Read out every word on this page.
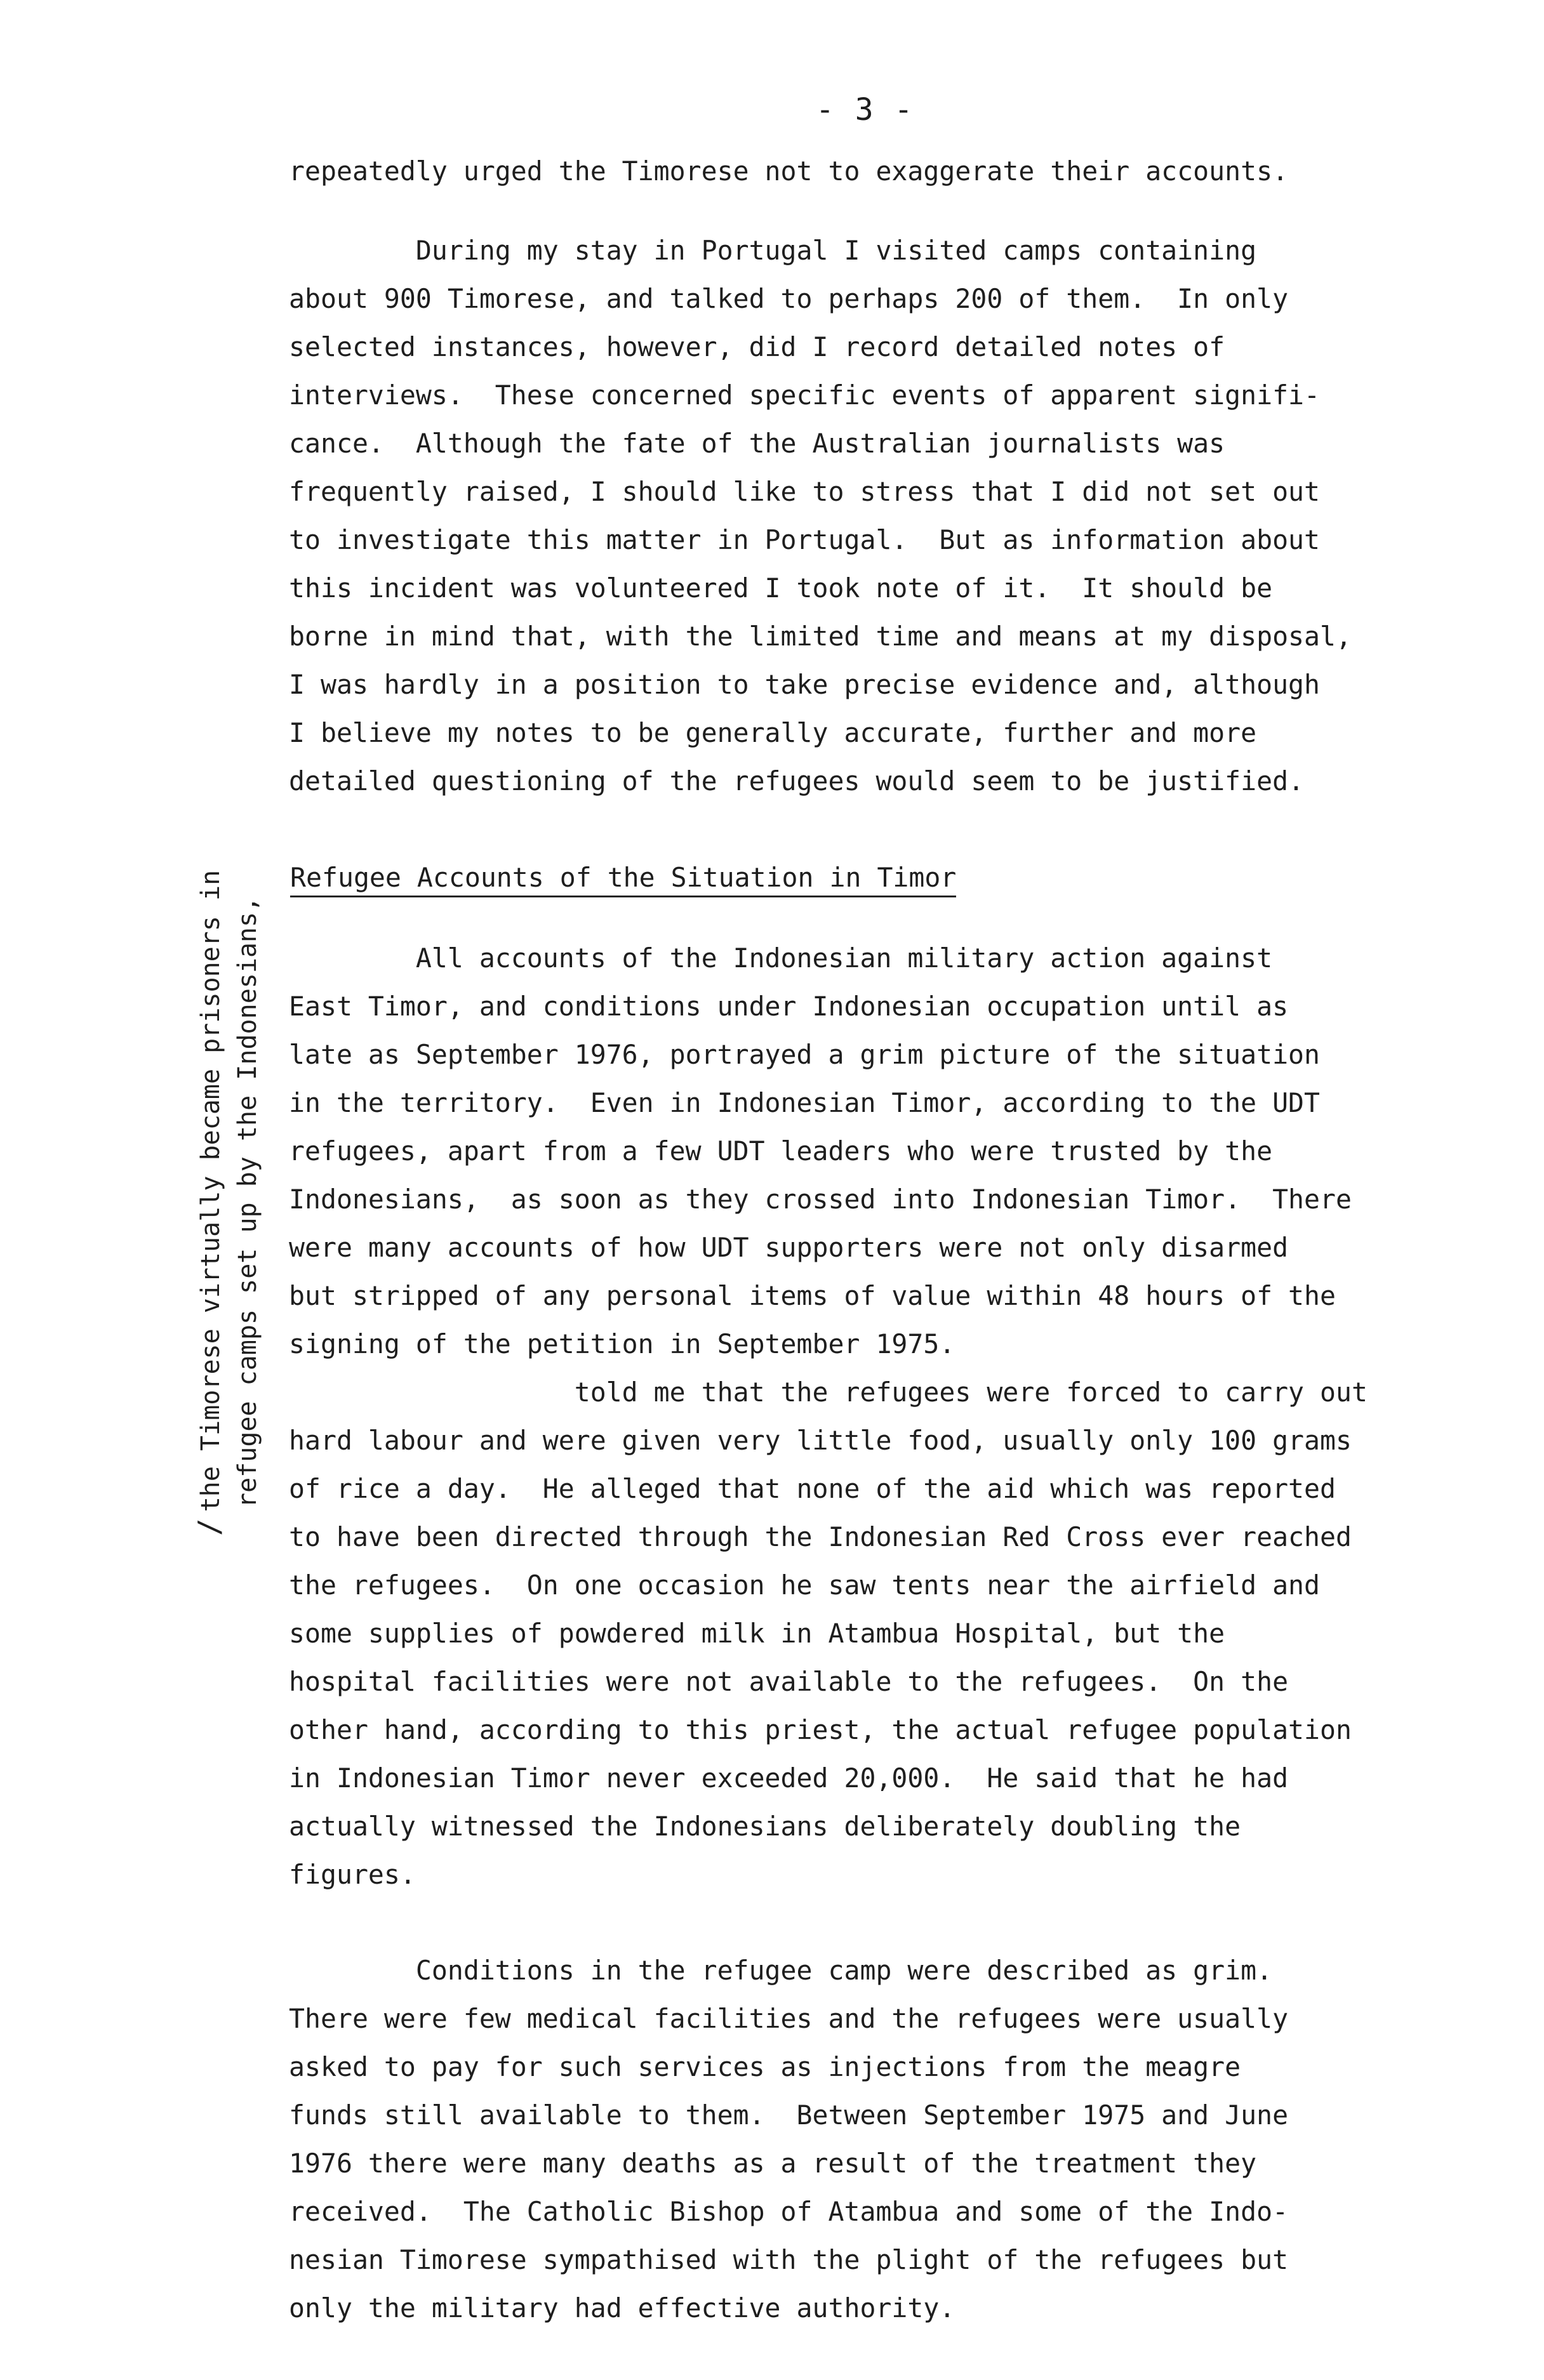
- 3 -
/the Timorese virtually became prisoners in refugee camps set up by the Indonesians,
repeatedly urged the Timorese not to exaggerate their accounts.
During my stay in Portugal I visited camps containing
about 900 Timorese, and talked to perhaps 200 of them.  In only
selected instances, however, did I record detailed notes of
interviews.  These concerned specific events of apparent signifi-
cance.  Although the fate of the Australian journalists was
frequently raised, I should like to stress that I did not set out
to investigate this matter in Portugal.  But as information about
this incident was volunteered I took note of it.  It should be
borne in mind that, with the limited time and means at my disposal,
I was hardly in a position to take precise evidence and, although
I believe my notes to be generally accurate, further and more
detailed questioning of the refugees would seem to be justified.
Refugee Accounts of the Situation in Timor
All accounts of the Indonesian military action against
East Timor, and conditions under Indonesian occupation until as
late as September 1976, portrayed a grim picture of the situation
in the territory.  Even in Indonesian Timor, according to the UDT
refugees, apart from a few UDT leaders who were trusted by the
Indonesians,  as soon as they crossed into Indonesian Timor.  There
were many accounts of how UDT supporters were not only disarmed
but stripped of any personal items of value within 48 hours of the
signing of the petition in September 1975.
told me that the refugees were forced to carry out
hard labour and were given very little food, usually only 100 grams
of rice a day.  He alleged that none of the aid which was reported
to have been directed through the Indonesian Red Cross ever reached
the refugees.  On one occasion he saw tents near the airfield and
some supplies of powdered milk in Atambua Hospital, but the
hospital facilities were not available to the refugees.  On the
other hand, according to this priest, the actual refugee population
in Indonesian Timor never exceeded 20,000.  He said that he had
actually witnessed the Indonesians deliberately doubling the
figures.
Conditions in the refugee camp were described as grim.
There were few medical facilities and the refugees were usually
asked to pay for such services as injections from the meagre
funds still available to them.  Between September 1975 and June
1976 there were many deaths as a result of the treatment they
received.  The Catholic Bishop of Atambua and some of the Indo-
nesian Timorese sympathised with the plight of the refugees but
only the military had effective authority.
